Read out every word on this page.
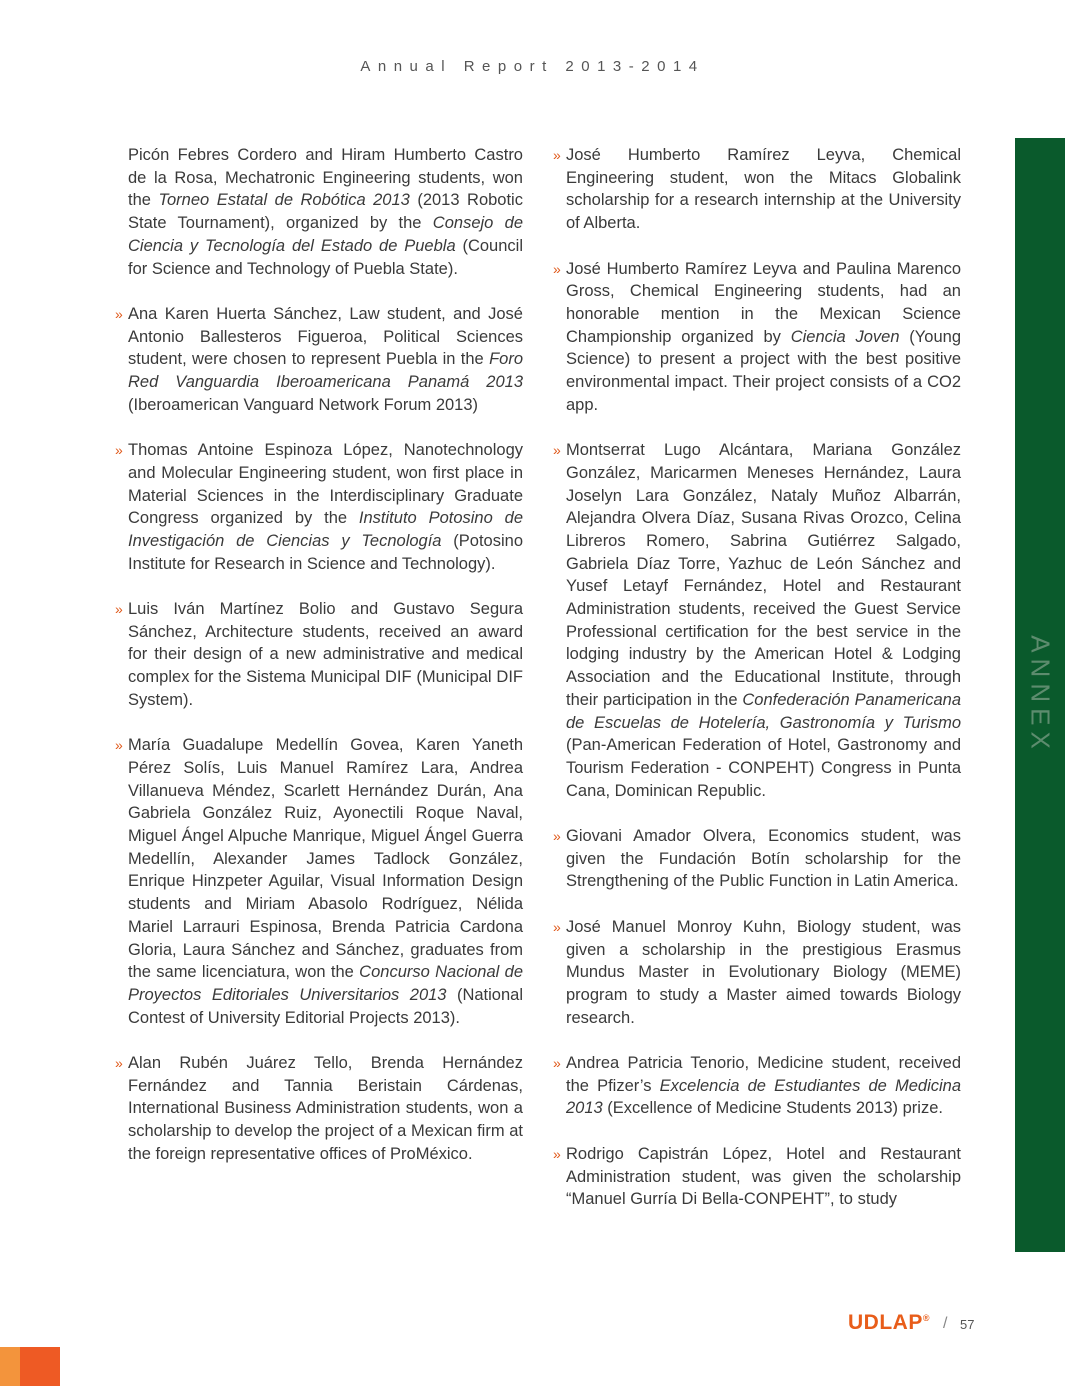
Annual Report 2013-2014
Picón Febres Cordero and Hiram Humberto Castro de la Rosa, Mechatronic Engineering students, won the Torneo Estatal de Robótica 2013 (2013 Robotic State Tournament), organized by the Consejo de Ciencia y Tecnología del Estado de Puebla (Council for Science and Technology of Puebla State).
» Ana Karen Huerta Sánchez, Law student, and José Antonio Ballesteros Figueroa, Political Sciences student, were chosen to represent Puebla in the Foro Red Vanguardia Iberoamericana Panamá 2013 (Iberoamerican Vanguard Network Forum 2013)
» Thomas Antoine Espinoza López, Nanotechnology and Molecular Engineering student, won first place in Material Sciences in the Interdisciplinary Graduate Congress organized by the Instituto Potosino de Investigación de Ciencias y Tecnología (Potosino Institute for Research in Science and Technology).
» Luis Iván Martínez Bolio and Gustavo Segura Sánchez, Architecture students, received an award for their design of a new administrative and medical complex for the Sistema Municipal DIF (Municipal DIF System).
» María Guadalupe Medellín Govea, Karen Yaneth Pérez Solís, Luis Manuel Ramírez Lara, Andrea Villanueva Méndez, Scarlett Hernández Durán, Ana Gabriela González Ruiz, Ayonectili Roque Naval, Miguel Ángel Alpuche Manrique, Miguel Ángel Guerra Medellín, Alexander James Tadlock González, Enrique Hinzpeter Aguilar, Visual Information Design students and Miriam Abasolo Rodríguez, Nélida Mariel Larrauri Espinosa, Brenda Patricia Cardona Gloria, Laura Sánchez and Sánchez, graduates from the same licenciatura, won the Concurso Nacional de Proyectos Editoriales Universitarios 2013 (National Contest of University Editorial Projects 2013).
» Alan Rubén Juárez Tello, Brenda Hernández Fernández and Tannia Beristain Cárdenas, International Business Administration students, won a scholarship to develop the project of a Mexican firm at the foreign representative offices of ProMéxico.
» José Humberto Ramírez Leyva, Chemical Engineering student, won the Mitacs Globalink scholarship for a research internship at the University of Alberta.
» José Humberto Ramírez Leyva and Paulina Marenco Gross, Chemical Engineering students, had an honorable mention in the Mexican Science Championship organized by Ciencia Joven (Young Science) to present a project with the best positive environmental impact. Their project consists of a CO2 app.
» Montserrat Lugo Alcántara, Mariana González González, Maricarmen Meneses Hernández, Laura Joselyn Lara González, Nataly Muñoz Albarrán, Alejandra Olvera Díaz, Susana Rivas Orozco, Celina Libreros Romero, Sabrina Gutiérrez Salgado, Gabriela Díaz Torre, Yazhuc de León Sánchez and Yusef Letayf Fernández, Hotel and Restaurant Administration students, received the Guest Service Professional certification for the best service in the lodging industry by the American Hotel & Lodging Association and the Educational Institute, through their participation in the Confederación Panamericana de Escuelas de Hotelería, Gastronomía y Turismo (Pan-American Federation of Hotel, Gastronomy and Tourism Federation - CONPEHT) Congress in Punta Cana, Dominican Republic.
» Giovani Amador Olvera, Economics student, was given the Fundación Botín scholarship for the Strengthening of the Public Function in Latin America.
» José Manuel Monroy Kuhn, Biology student, was given a scholarship in the prestigious Erasmus Mundus Master in Evolutionary Biology (MEME) program to study a Master aimed towards Biology research.
» Andrea Patricia Tenorio, Medicine student, received the Pfizer’s Excelencia de Estudiantes de Medicina 2013 (Excellence of Medicine Students 2013) prize.
» Rodrigo Capistrán López, Hotel and Restaurant Administration student, was given the scholarship “Manuel Gurría Di Bella-CONPEHT”, to study
ANNEX
UDLAP® / 57
